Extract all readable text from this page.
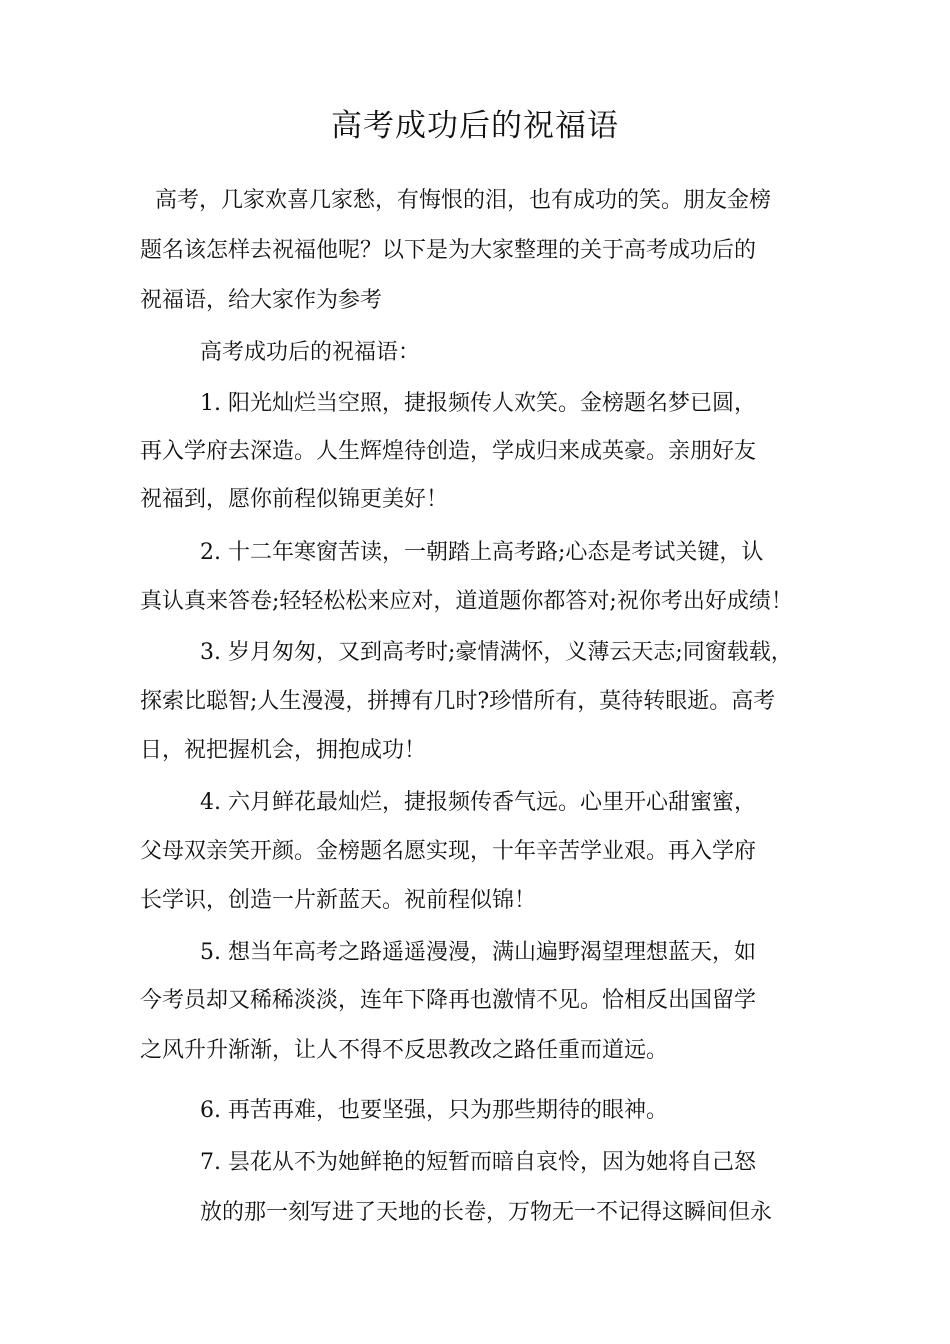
高考成功后的祝福语
高考，几家欢喜几家愁，有悔恨的泪，也有成功的笑。朋友金榜
题名该怎样去祝福他呢？以下是为大家整理的关于高考成功后的
祝福语，给大家作为参考
高考成功后的祝福语：
1. 阳光灿烂当空照，捷报频传人欢笑。金榜题名梦已圆，
再入学府去深造。人生辉煌待创造，学成归来成英豪。亲朋好友
祝福到，愿你前程似锦更美好！
2. 十二年寒窗苦读，一朝踏上高考路;心态是考试关键，认
真认真来答卷;轻轻松松来应对，道道题你都答对;祝你考出好成绩！
3. 岁月匆匆，又到高考时;豪情满怀，义薄云天志;同窗载载，
探索比聪智;人生漫漫，拼搏有几时?珍惜所有，莫待转眼逝。高考
日，祝把握机会，拥抱成功！
4. 六月鲜花最灿烂，捷报频传香气远。心里开心甜蜜蜜，
父母双亲笑开颜。金榜题名愿实现，十年辛苦学业艰。再入学府
长学识，创造一片新蓝天。祝前程似锦！
5. 想当年高考之路遥遥漫漫，满山遍野渴望理想蓝天，如
今考员却又稀稀淡淡，连年下降再也激情不见。恰相反出国留学
之风升升渐渐，让人不得不反思教改之路任重而道远。
6. 再苦再难，也要坚强，只为那些期待的眼神。
7. 昙花从不为她鲜艳的短暂而暗自哀怜，因为她将自己怒
放的那一刻写进了天地的长卷，万物无一不记得这瞬间但永
